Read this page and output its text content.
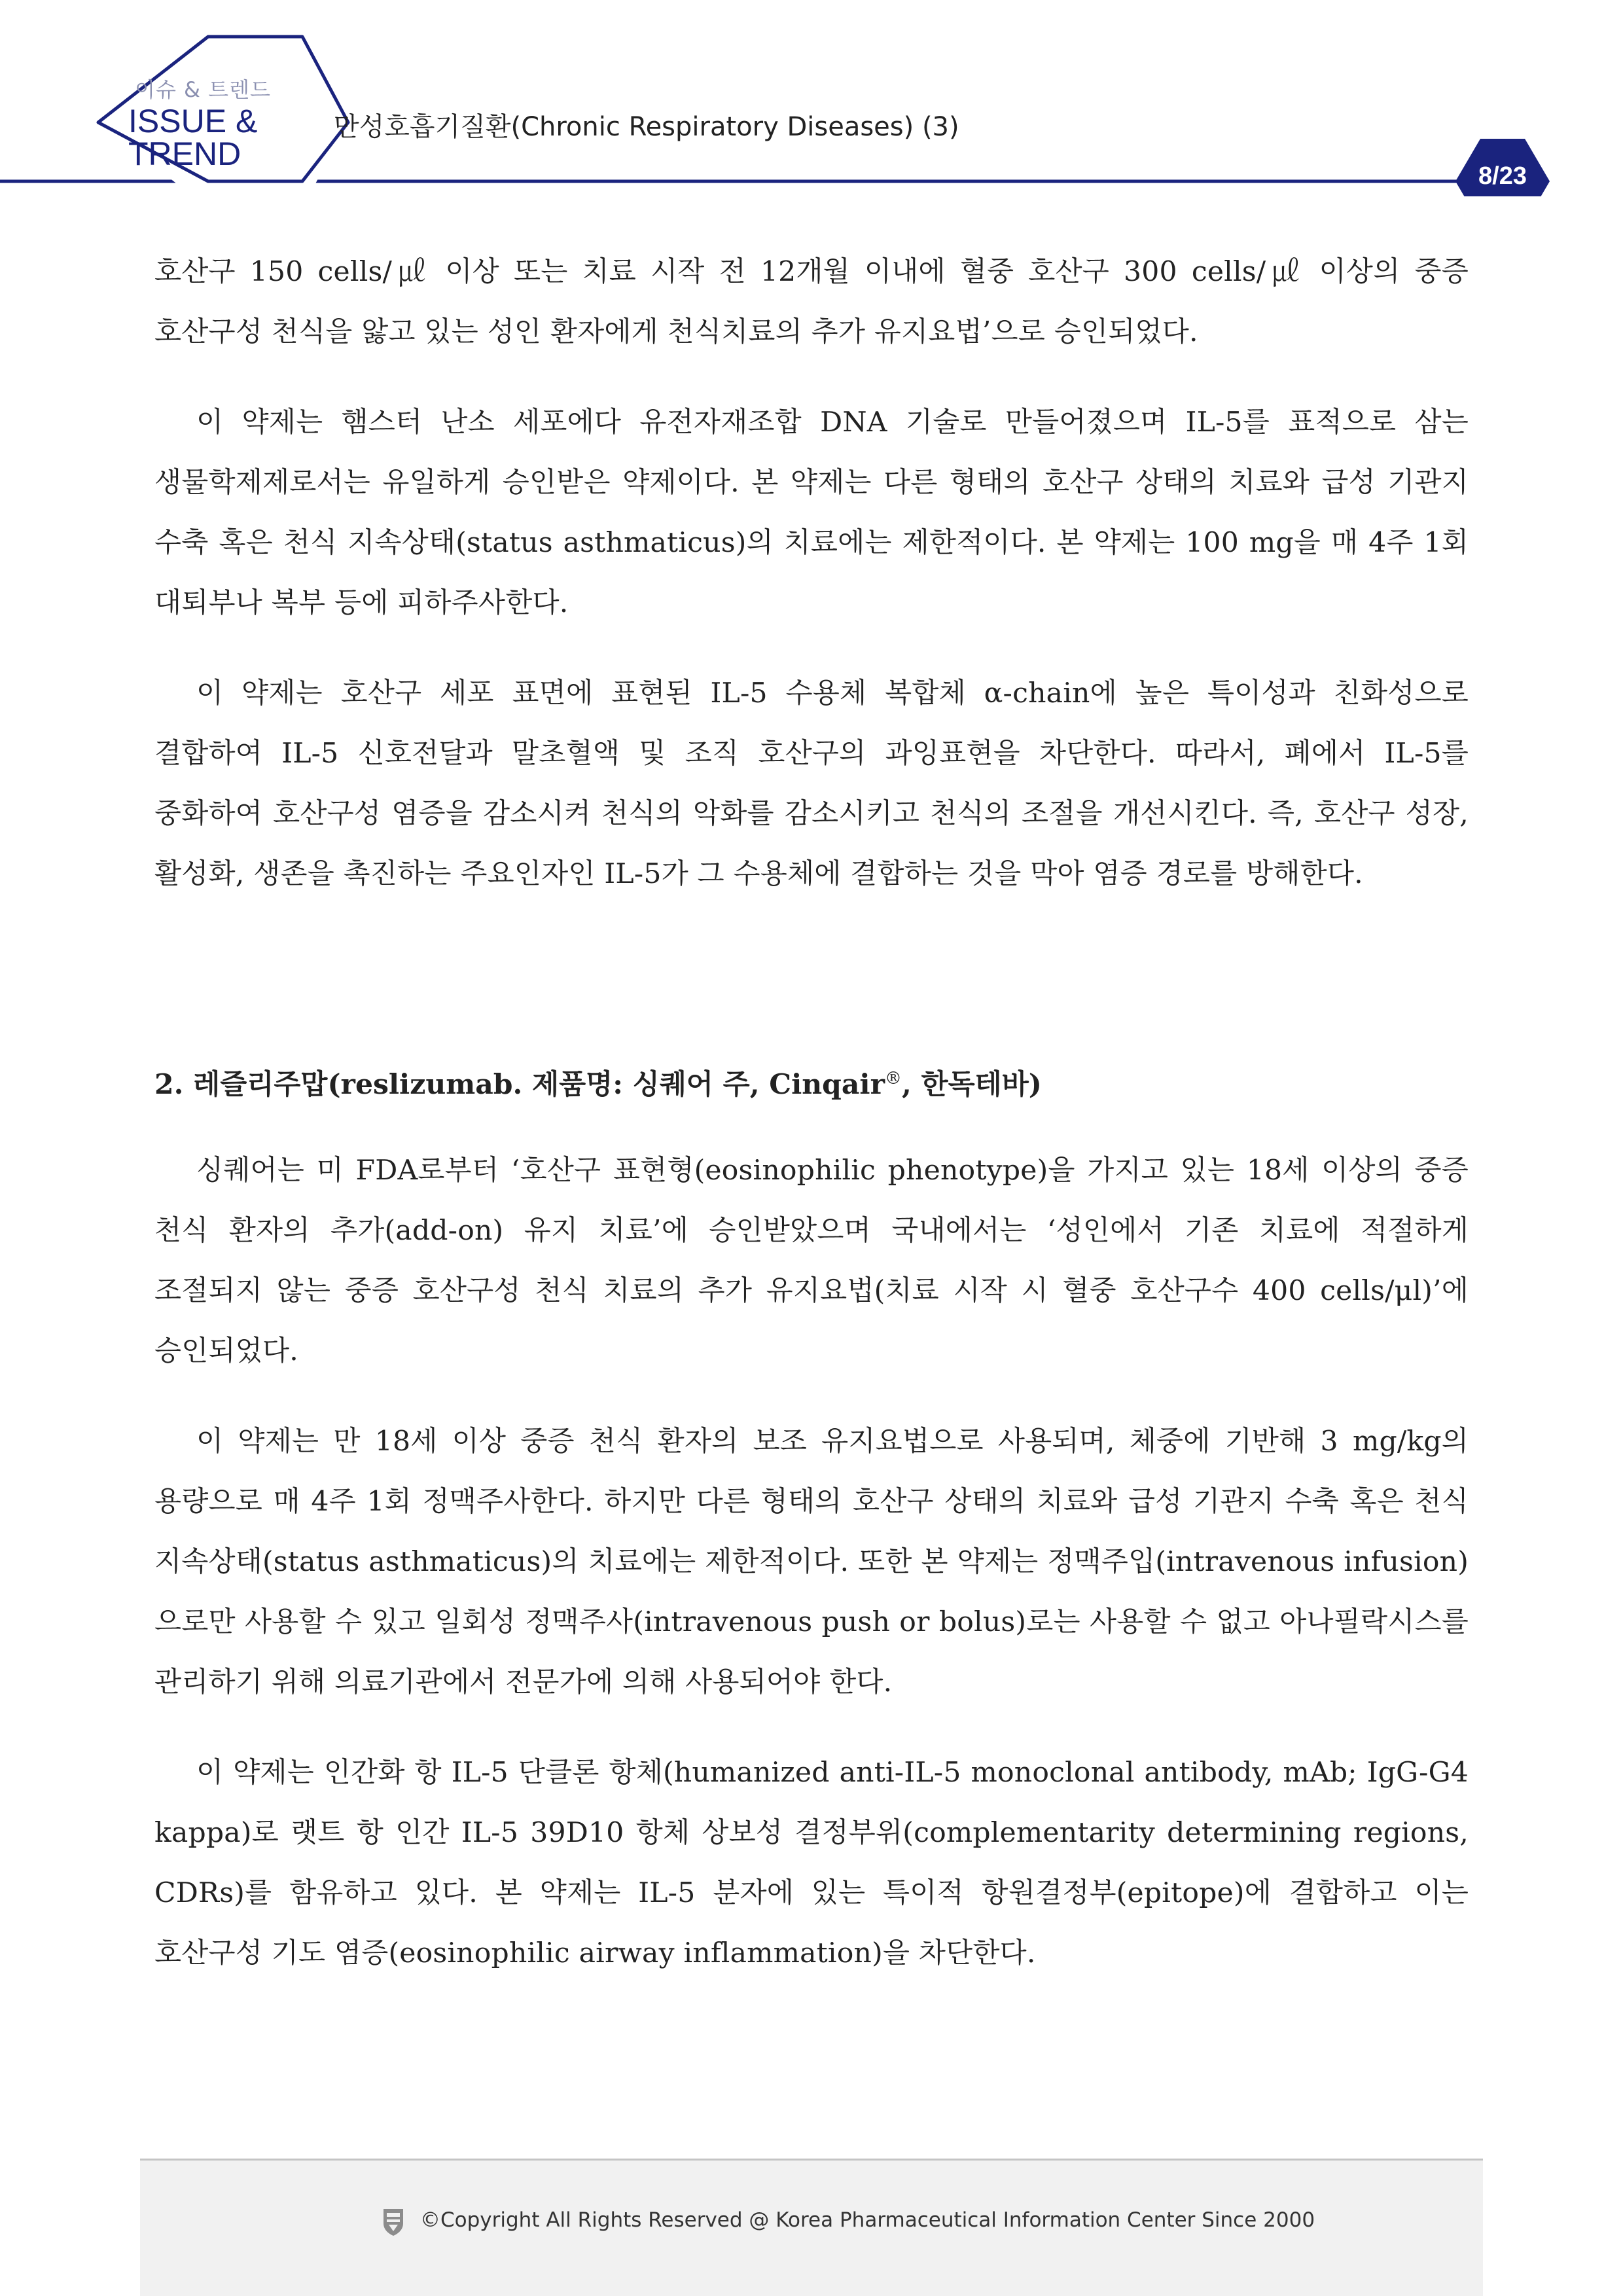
이슈 & 트렌드
ISSUE &
TREND
만성호흡기질환(Chronic Respiratory Diseases) (3)
8/23

호산구 150 cells/㎕ 이상 또는 치료 시작 전 12개월 이내에 혈중 호산구 300 cells/㎕ 이상의 중증 호산구성 천식을 앓고 있는 성인 환자에게 천식치료의 추가 유지요법’으로 승인되었다.

이 약제는 햄스터 난소 세포에다 유전자재조합 DNA 기술로 만들어졌으며 IL-5를 표적으로 삼는 생물학제제로서는 유일하게 승인받은 약제이다. 본 약제는 다른 형태의 호산구 상태의 치료와 급성 기관지 수축 혹은 천식 지속상태(status asthmaticus)의 치료에는 제한적이다. 본 약제는 100 mg을 매 4주 1회 대퇴부나 복부 등에 피하주사한다.

이 약제는 호산구 세포 표면에 표현된 IL-5 수용체 복합체 α-chain에 높은 특이성과 친화성으로 결합하여 IL-5 신호전달과 말초혈액 및 조직 호산구의 과잉표현을 차단한다. 따라서, 폐에서 IL-5를 중화하여 호산구성 염증을 감소시켜 천식의 악화를 감소시키고 천식의 조절을 개선시킨다. 즉, 호산구 성장, 활성화, 생존을 촉진하는 주요인자인 IL-5가 그 수용체에 결합하는 것을 막아 염증 경로를 방해한다.

2. 레즐리주맙(reslizumab. 제품명: 싱퀘어 주, Cinqair®, 한독테바)

싱퀘어는 미 FDA로부터 ‘호산구 표현형(eosinophilic phenotype)을 가지고 있는 18세 이상의 중증 천식 환자의 추가(add-on) 유지 치료’에 승인받았으며 국내에서는 ‘성인에서 기존 치료에 적절하게 조절되지 않는 중증 호산구성 천식 치료의 추가 유지요법(치료 시작 시 혈중 호산구수 400 cells/μl)’에 승인되었다.

이 약제는 만 18세 이상 중증 천식 환자의 보조 유지요법으로 사용되며, 체중에 기반해 3 mg/kg의 용량으로 매 4주 1회 정맥주사한다. 하지만 다른 형태의 호산구 상태의 치료와 급성 기관지 수축 혹은 천식 지속상태(status asthmaticus)의 치료에는 제한적이다. 또한 본 약제는 정맥주입(intravenous infusion)으로만 사용할 수 있고 일회성 정맥주사(intravenous push or bolus)로는 사용할 수 없고 아나필락시스를 관리하기 위해 의료기관에서 전문가에 의해 사용되어야 한다.

이 약제는 인간화 항 IL-5 단클론 항체(humanized anti-IL-5 monoclonal antibody, mAb; IgG-G4 kappa)로 랫트 항 인간 IL-5 39D10 항체 상보성 결정부위(complementarity determining regions, CDRs)를 함유하고 있다. 본 약제는 IL-5 분자에 있는 특이적 항원결정부(epitope)에 결합하고 이는 호산구성 기도 염증(eosinophilic airway inflammation)을 차단한다.

©Copyright All Rights Reserved @ Korea Pharmaceutical Information Center Since 2000
